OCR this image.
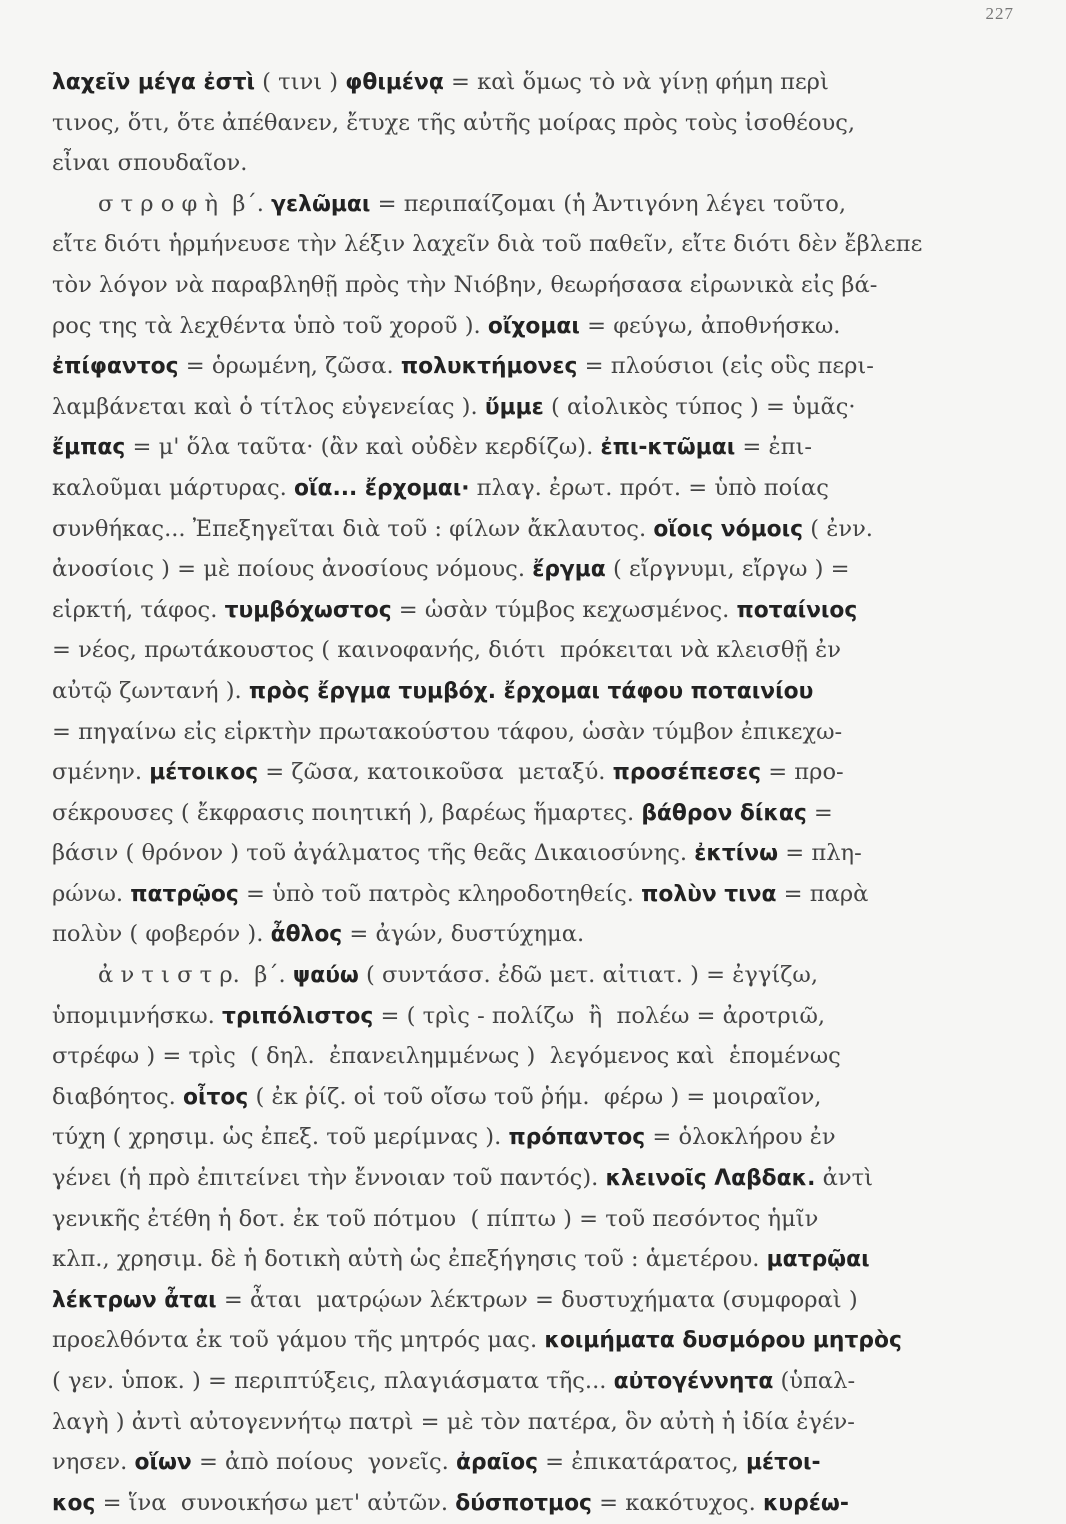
227
λαχεῖν μέγα ἐστὶ ( τινι ) φθιμένᾳ = καὶ ὅμως τὸ νὰ γίνῃ φήμη περὶ
τινος, ὅτι, ὅτε ἀπέθανεν, ἔτυχε τῆς αὐτῆς μοίρας πρὸς τοὺς ἰσοθέους,
εἶναι σπουδαῖον.
σ τ ρ ο φ ὴ  β΄. γελῶμαι = περιπαίζομαι (ἡ Ἀντιγόνη λέγει τοῦτο,
εἴτε διότι ἡρμήνευσε τὴν λέξιν λαχεῖν διὰ τοῦ παθεῖν, εἴτε διότι δὲν ἔβλεπε
τὸν λόγον νὰ παραβληθῇ πρὸς τὴν Νιόβην, θεωρήσασα εἰρωνικὰ εἰς βά-
ρος της τὰ λεχθέντα ὑπὸ τοῦ χοροῦ ). οἴχομαι = φεύγω, ἀποθνήσκω.
ἐπίφαντος = ὁρωμένη, ζῶσα. πολυκτήμονες = πλούσιοι (εἰς οὓς περι-
λαμβάνεται καὶ ὁ τίτλος εὐγενείας ). ὔμμε ( αἰολικὸς τύπος ) = ὑμᾶς·
ἔμπας = μ' ὅλα ταῦτα· (ἂν καὶ οὐδὲν κερδίζω). ἐπι-κτῶμαι = ἐπι-
καλοῦμαι μάρτυρας. οἵα... ἔρχομαι· πλαγ. ἐρωτ. πρότ. = ὑπὸ ποίας
συνθήκας... Ἐπεξηγεῖται διὰ τοῦ : φίλων ἄκλαυτος. οἵοις νόμοις ( ἐνν.
ἀνοσίοις ) = μὲ ποίους ἀνοσίους νόμους. ἔργμα ( εἴργνυμι, εἴργω ) =
εἱρκτή, τάφος. τυμβόχωστος = ὡσὰν τύμβος κεχωσμένος. ποταίνιος
= νέος, πρωτάκουστος ( καινοφανής, διότι  πρόκειται νὰ κλεισθῇ ἐν
αὐτῷ ζωντανή ). πρὸς ἔργμα τυμβόχ. ἔρχομαι τάφου ποταινίου
= πηγαίνω εἰς εἱρκτὴν πρωτακούστου τάφου, ὡσὰν τύμβον ἐπικεχω-
σμένην. μέτοικος = ζῶσα, κατοικοῦσα  μεταξύ. προσέπεσες = προ-
σέκρουσες ( ἔκφρασις ποιητική ), βαρέως ἥμαρτες. βάθρον δίκας =
βάσιν ( θρόνον ) τοῦ ἀγάλματος τῆς θεᾶς Δικαιοσύνης. ἐκτίνω = πλη-
ρώνω. πατρῷος = ὑπὸ τοῦ πατρὸς κληροδοτηθείς. πολὺν τινα = παρὰ
πολὺν ( φοβερόν ). ἆθλος = ἀγών, δυστύχημα.
ἀ ν τ ι σ τ ρ.  β΄. ψαύω ( συντάσσ. ἐδῶ μετ. αἰτιατ. ) = ἐγγίζω,
ὑπομιμνήσκω. τριπόλιστος = ( τρὶς - πολίζω  ἢ  πολέω = ἀροτριῶ,
στρέφω ) = τρὶς  ( δηλ.  ἐπανειλημμένως )  λεγόμενος καὶ  ἑπομένως
διαβόητος. οἶτος ( ἐκ ῥίζ. οἱ τοῦ οἴσω τοῦ ῥήμ.  φέρω ) = μοιραῖον,
τύχη ( χρησιμ. ὡς ἐπεξ. τοῦ μερίμνας ). πρόπαντος = ὁλοκλήρου ἐν
γένει (ἡ πρὸ ἐπιτείνει τὴν ἔννοιαν τοῦ παντός). κλεινοῖς Λαβδακ. ἀντὶ
γενικῆς ἐτέθη ἡ δοτ. ἐκ τοῦ πότμου  ( πίπτω ) = τοῦ πεσόντος ἡμῖν
κλπ., χρησιμ. δὲ ἡ δοτικὴ αὐτὴ ὡς ἐπεξήγησις τοῦ : ἁμετέρου. ματρῷαι
λέκτρων ἆται = ἆται  ματρῴων λέκτρων = δυστυχήματα (συμφοραὶ )
προελθόντα ἐκ τοῦ γάμου τῆς μητρός μας. κοιμήματα δυσμόρου μητρὸς
( γεν. ὑποκ. ) = περιπτύξεις, πλαγιάσματα τῆς... αὐτογέννητα (ὑπαλ-
λαγὴ ) ἀντὶ αὐτογεννήτῳ πατρὶ = μὲ τὸν πατέρα, ὃν αὐτὴ ἡ ἰδία ἐγέν-
νησεν. οἵων = ἀπὸ ποίους  γονεῖς. ἀραῖος = ἐπικατάρατος, μέτοι-
κος = ἵνα  συνοικήσω μετ' αὐτῶν. δύσποτμος = κακότυχος. κυρέω-
